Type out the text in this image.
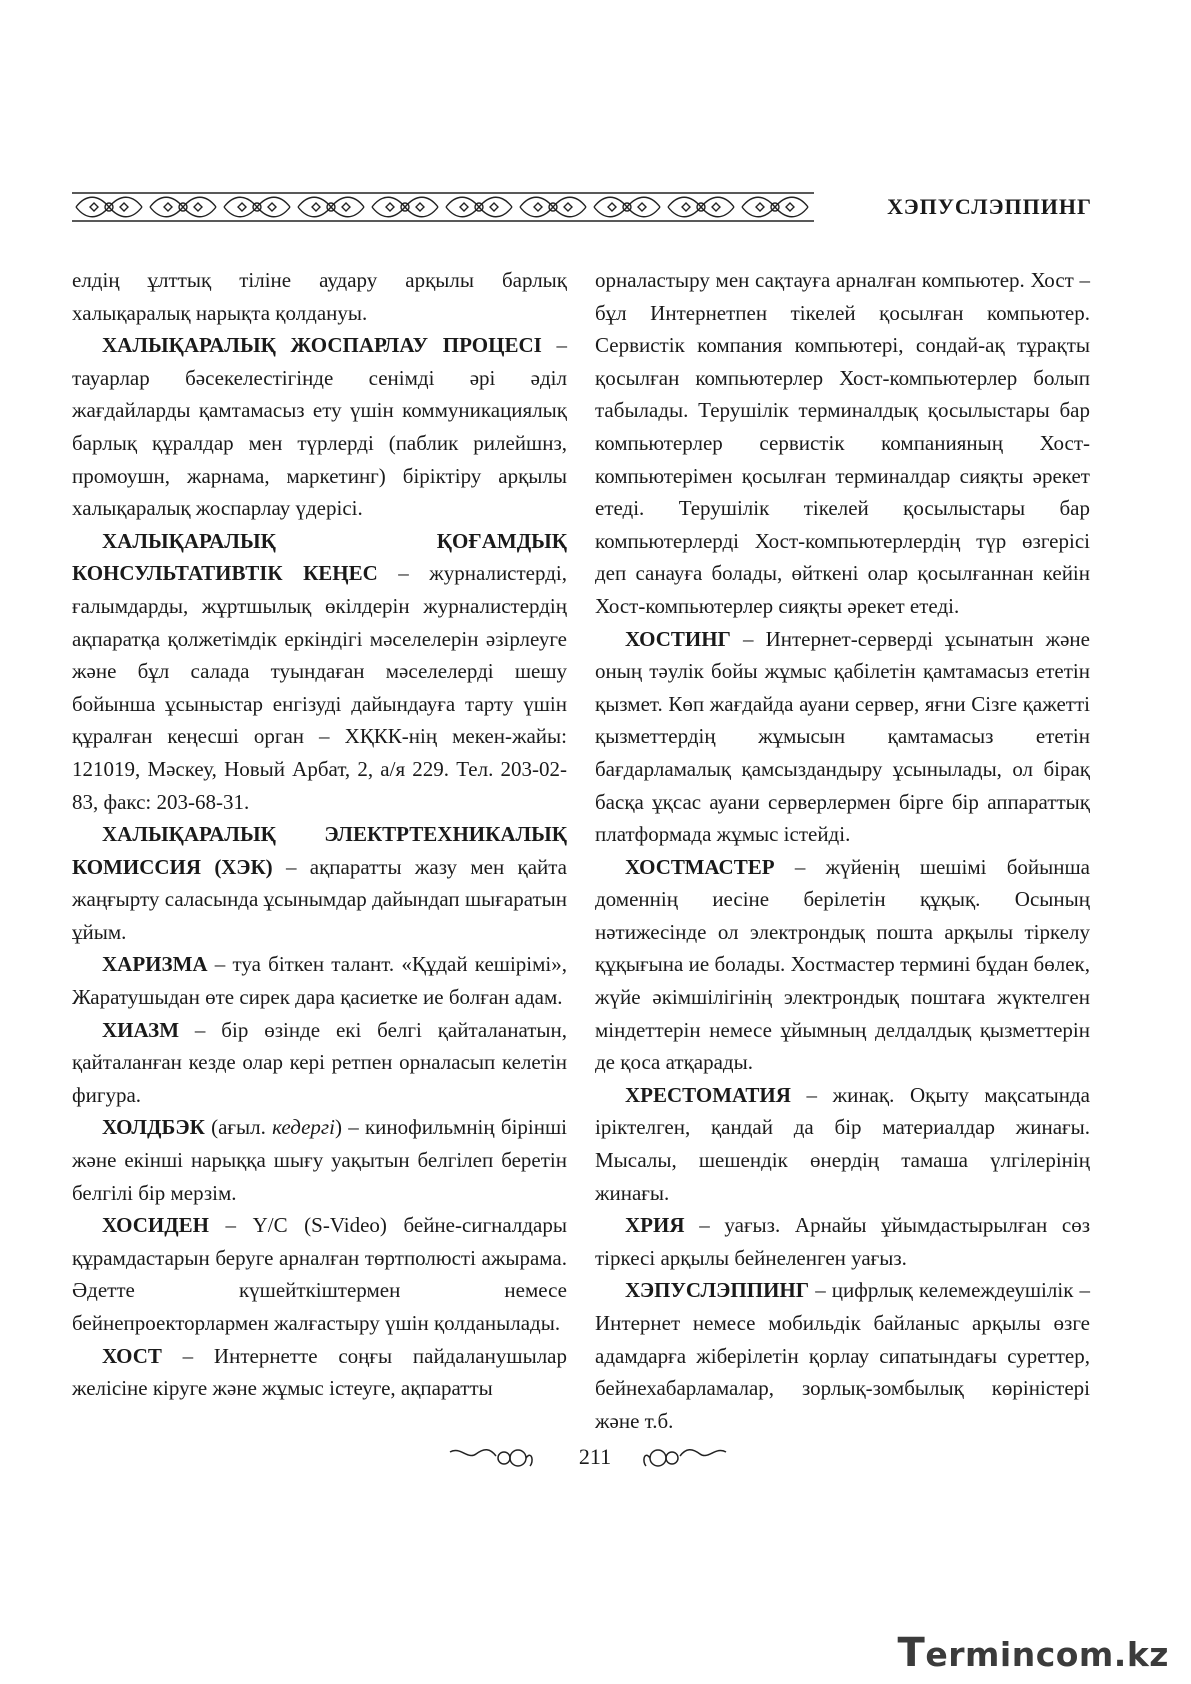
ХЭПУСЛЭППИНГ

елдің ұлттық тіліне аудару арқылы барлық халықаралық нарықта қолдануы.

ХАЛЫҚАРАЛЫҚ ЖОСПАРЛАУ ПРОЦЕСІ – тауарлар бәсекелестігінде сенімді әрі әділ жағдайларды қамтамасыз ету үшін коммуникациялық барлық құралдар мен түрлерді (паблик рилейшнз, промоушн, жарнама, маркетинг) біріктіру арқылы халықаралық жоспарлау үдерісі.

ХАЛЫҚАРАЛЫҚ ҚОҒАМДЫҚ КОНСУЛЬТАТИВТІК КЕҢЕС – журналистерді, ғалымдарды, жұртшылық өкілдерін журналистердің ақпаратқа қолжетімдік еркіндігі мәселелерін әзірлеуге және бұл салада туындаған мәселелерді шешу бойынша ұсыныстар енгізуді дайындауға тарту үшін құралған кеңесші орган – ХҚКК-нің мекен-жайы: 121019, Мәскеу, Новый Арбат, 2, а/я 229. Тел. 203-02-83, факс: 203-68-31.

ХАЛЫҚАРАЛЫҚ ЭЛЕКТРТЕХНИКАЛЫҚ КОМИССИЯ (ХЭК) – ақпаратты жазу мен қайта жаңғырту саласында ұсынымдар дайындап шығаратын ұйым.

ХАРИЗМА – туа біткен талант. «Құдай кешірімі», Жаратушыдан өте сирек дара қасиетке ие болған адам.

ХИАЗМ – бір өзінде екі белгі қайталанатын, қайталанған кезде олар кері ретпен орналасып келетін фигура.

ХОЛДБЭК (ағыл. кедергі) – кинофильмнің бірінші және екінші нарыққа шығу уақытын белгілеп беретін белгілі бір мерзім.

ХОСИДЕН – Y/C (S-Video) бейне-сигналдары құрамдастарын беруге арналған төртполюсті ажырама. Әдетте күшейткіштермен немесе бейнепроекторлармен жалғастыру үшін қолданылады.

ХОСТ – Интернетте соңғы пайдаланушылар желісіне кіруге және жұмыс істеуге, ақпаратты

орналастыру мен сақтауға арналған компьютер. Хост – бұл Интернетпен тікелей қосылған компьютер. Сервистік компания компьютері, сондай-ақ тұрақты қосылған компьютерлер Хост-компьютерлер болып табылады. Терушілік терминалдық қосылыстары бар компьютерлер сервистік компанияның Хост-компьютерімен қосылған терминалдар сияқты әрекет етеді. Терушілік тікелей қосылыстары бар компьютерлерді Хост-компьютерлердің түр өзгерісі деп санауға болады, өйткені олар қосылғаннан кейін Хост-компьютерлер сияқты әрекет етеді.

ХОСТИНГ – Интернет-серверді ұсынатын және оның тәулік бойы жұмыс қабілетін қамтамасыз ететін қызмет. Көп жағдайда ауани сервер, яғни Сізге қажетті қызметтердің жұмысын қамтамасыз ететін бағдарламалық қамсыздандыру ұсынылады, ол бірақ басқа ұқсас ауани серверлермен бірге бір аппараттық платформада жұмыс істейді.

ХОСТМАСТЕР – жүйенің шешімі бойынша доменнің иесіне берілетін құқық. Осының нәтижесінде ол электрондық пошта арқылы тіркелу құқығына ие болады. Хостмастер термині бұдан бөлек, жүйе әкімшілігінің электрондық поштаға жүктелген міндеттерін немесе ұйымның делдалдық қызметтерін де қоса атқарады.

ХРЕСТОМАТИЯ – жинақ. Оқыту мақсатында іріктелген, қандай да бір материалдар жинағы. Мысалы, шешендік өнердің тамаша үлгілерінің жинағы.

ХРИЯ – уағыз. Арнайы ұйымдастырылған сөз тіркесі арқылы бейнеленген уағыз.

ХЭПУСЛЭППИНГ – цифрлық келемеждеушілік – Интернет немесе мобильдік байланыс арқылы өзге адамдарға жіберілетін қорлау сипатындағы суреттер, бейнехабарламалар, зорлық-зомбылық көріністері және т.б.

211
Termincom.kz
